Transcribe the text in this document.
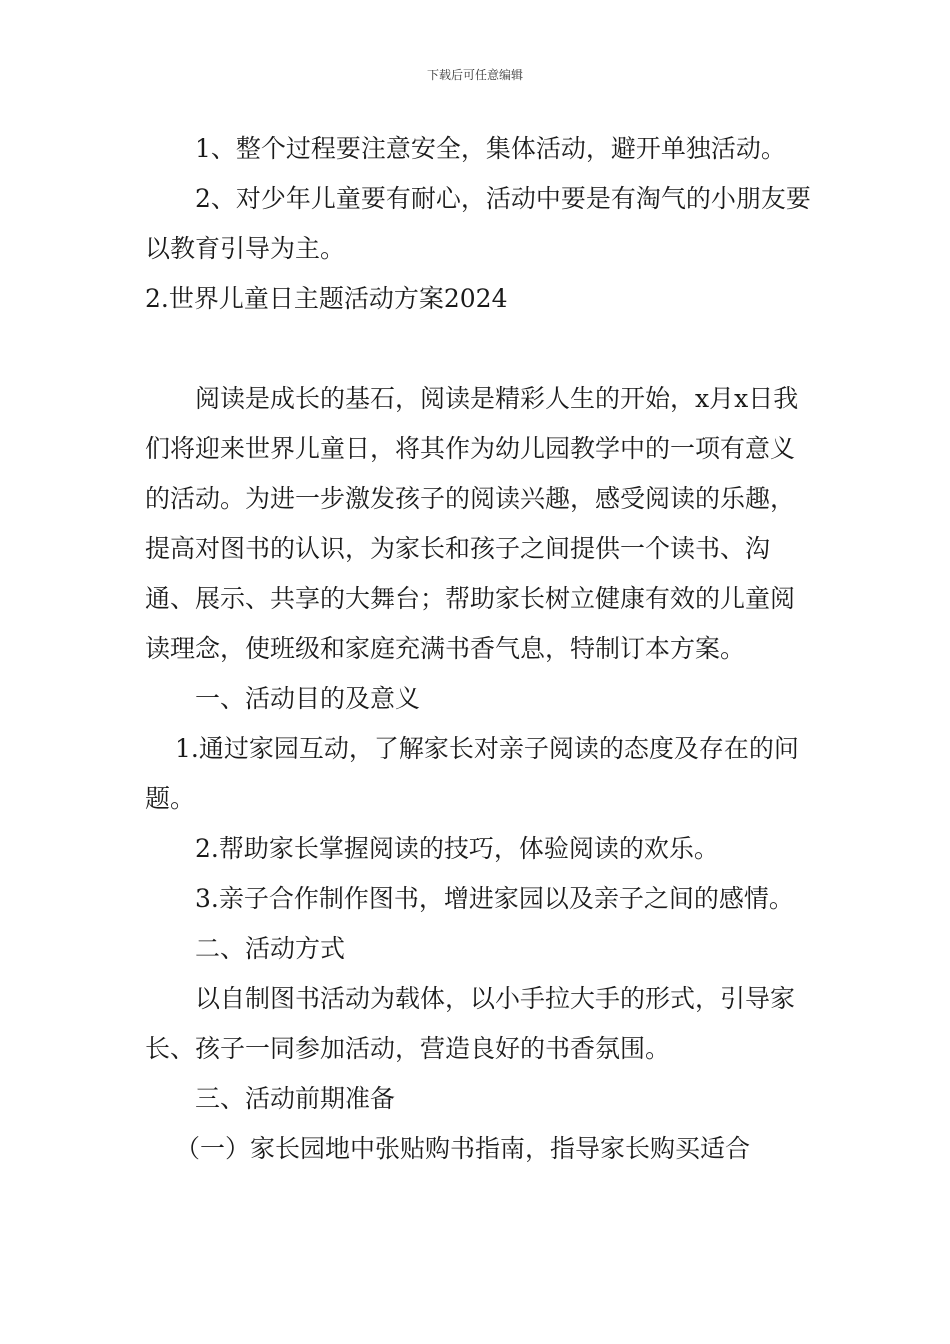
下载后可任意编辑

1、整个过程要注意安全，集体活动，避开单独活动。

2、对少年儿童要有耐心，活动中要是有淘气的小朋友要以教育引导为主。

2.世界儿童日主题活动方案2024

阅读是成长的基石，阅读是精彩人生的开始，x月x日我们将迎来世界儿童日，将其作为幼儿园教学中的一项有意义的活动。为进一步激发孩子的阅读兴趣，感受阅读的乐趣，提高对图书的认识，为家长和孩子之间提供一个读书、沟通、展示、共享的大舞台；帮助家长树立健康有效的儿童阅读理念，使班级和家庭充满书香气息，特制订本方案。

一、活动目的及意义

1.通过家园互动，了解家长对亲子阅读的态度及存在的问题。

2.帮助家长掌握阅读的技巧，体验阅读的欢乐。

3.亲子合作制作图书，增进家园以及亲子之间的感情。

二、活动方式

以自制图书活动为载体，以小手拉大手的形式，引导家长、孩子一同参加活动，营造良好的书香氛围。

三、活动前期准备

（一）家长园地中张贴购书指南，指导家长购买适合
